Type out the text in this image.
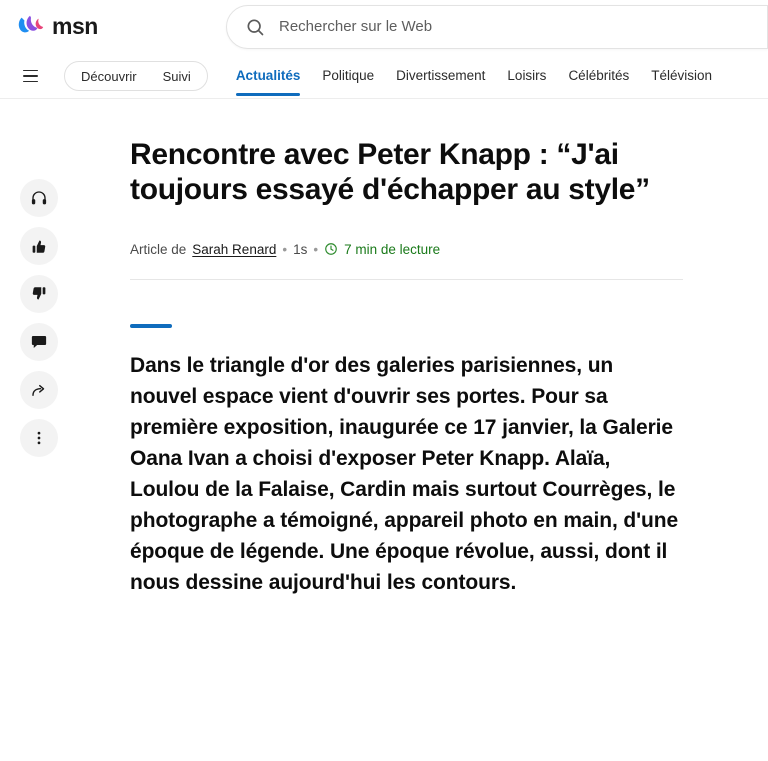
msn
Rechercher sur le Web
Découvrir	Suivi	Actualités Politique Divertissement Loisirs Célébrités Télévision
Rencontre avec Peter Knapp : “J'ai toujours essayé d'échapper au style”
Article de Sarah Renard • 1s • 7 min de lecture

Dans le triangle d'or des galeries parisiennes, un nouvel espace vient d'ouvrir ses portes. Pour sa première exposition, inaugurée ce 17 janvier, la Galerie Oana Ivan a choisi d'exposer Peter Knapp. Alaïa, Loulou de la Falaise, Cardin mais surtout Courrèges, le photographe a témoigné, appareil photo en main, d'une époque de légende. Une époque révolue, aussi, dont il nous dessine aujourd'hui les contours.
